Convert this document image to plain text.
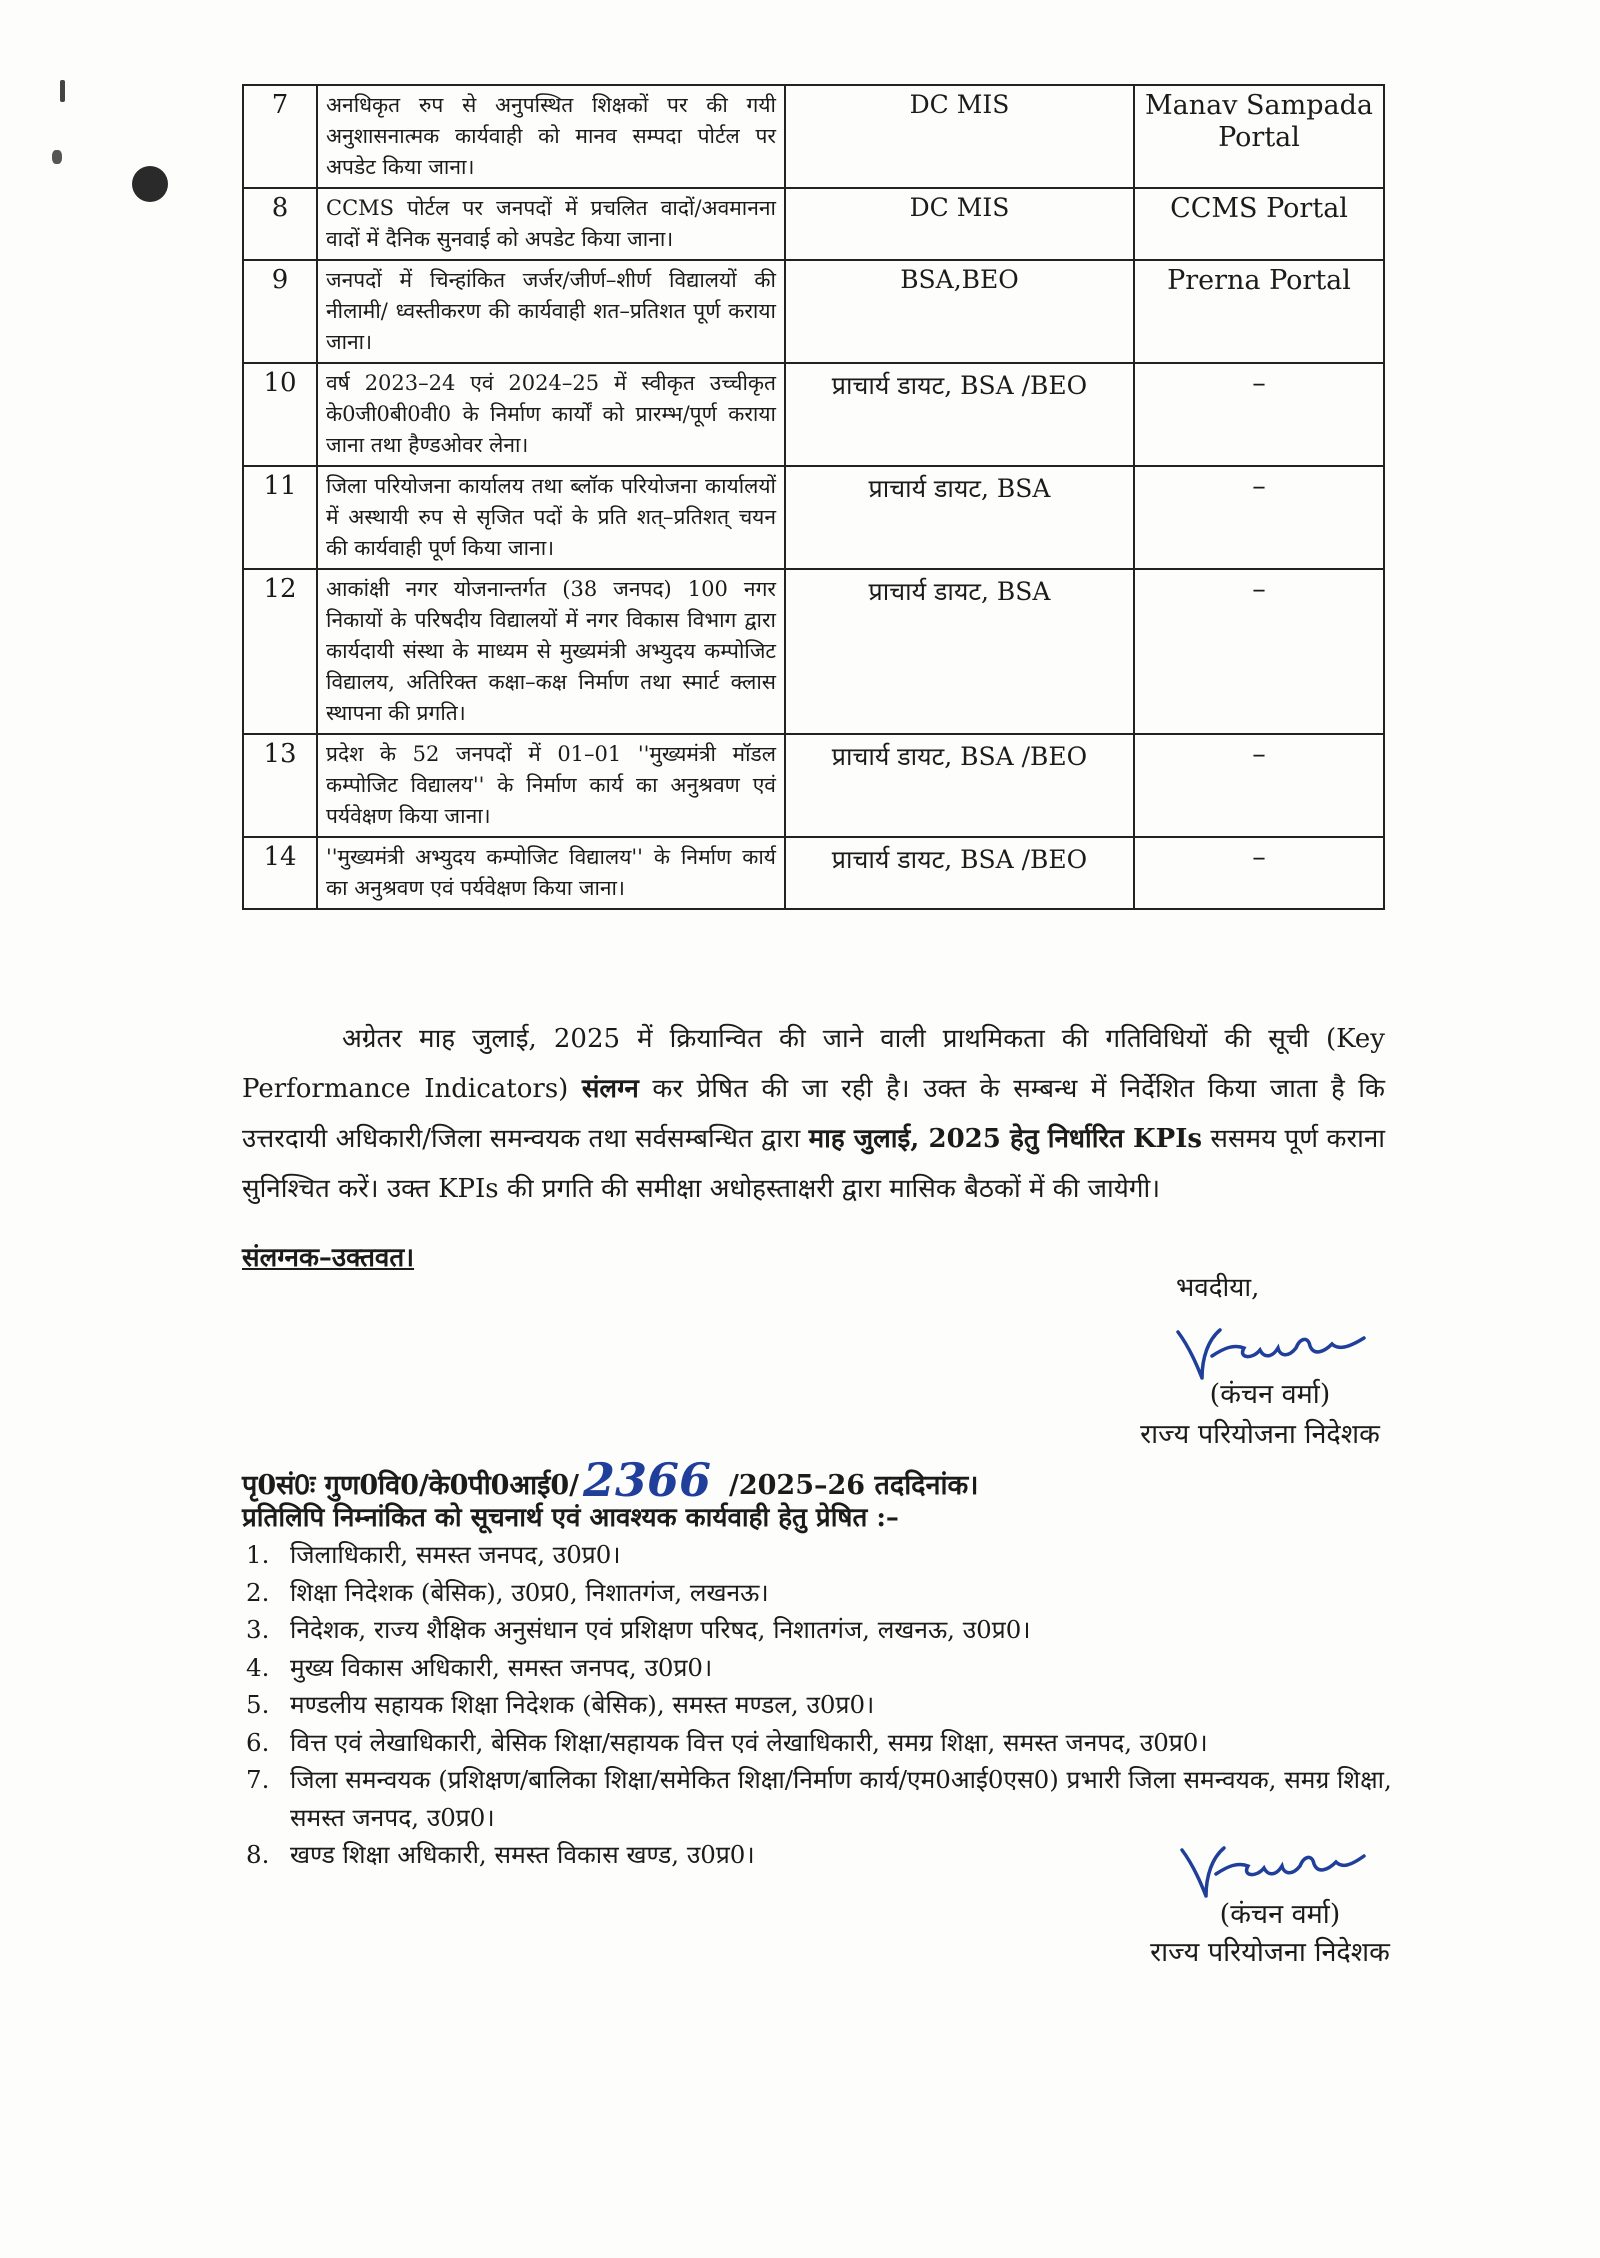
7	अनधिकृत रुप से अनुपस्थित शिक्षकों पर की गयी अनुशासनात्मक कार्यवाही को मानव सम्पदा पोर्टल पर अपडेट किया जाना।	DC MIS	Manav Sampada Portal
8	CCMS पोर्टल पर जनपदों में प्रचलित वादों/अवमानना वादों में दैनिक सुनवाई को अपडेट किया जाना।	DC MIS	CCMS Portal
9	जनपदों में चिन्हांकित जर्जर/जीर्ण–शीर्ण विद्यालयों की नीलामी/ ध्वस्तीकरण की कार्यवाही शत–प्रतिशत पूर्ण कराया जाना।	BSA,BEO	Prerna Portal
10	वर्ष 2023–24 एवं 2024–25 में स्वीकृत उच्चीकृत के0जी0बी0वी0 के निर्माण कार्यों को प्रारम्भ/पूर्ण कराया जाना तथा हैण्डओवर लेना।	प्राचार्य डायट, BSA /BEO	–
11	जिला परियोजना कार्यालय तथा ब्लॉक परियोजना कार्यालयों में अस्थायी रुप से सृजित पदों के प्रति शत्–प्रतिशत् चयन की कार्यवाही पूर्ण किया जाना।	प्राचार्य डायट, BSA	–
12	आकांक्षी नगर योजनान्तर्गत (38 जनपद) 100 नगर निकायों के परिषदीय विद्यालयों में नगर विकास विभाग द्वारा कार्यदायी संस्था के माध्यम से मुख्यमंत्री अभ्युदय कम्पोजिट विद्यालय, अतिरिक्त कक्षा–कक्ष निर्माण तथा स्मार्ट क्लास स्थापना की प्रगति।	प्राचार्य डायट, BSA	–
13	प्रदेश के 52 जनपदों में 01–01 ''मुख्यमंत्री मॉडल कम्पोजिट विद्यालय'' के निर्माण कार्य का अनुश्रवण एवं पर्यवेक्षण किया जाना।	प्राचार्य डायट, BSA /BEO	–
14	''मुख्यमंत्री अभ्युदय कम्पोजिट विद्यालय'' के निर्माण कार्य का अनुश्रवण एवं पर्यवेक्षण किया जाना।	प्राचार्य डायट, BSA /BEO	–

अग्रेतर माह जुलाई, 2025 में क्रियान्वित की जाने वाली प्राथमिकता की गतिविधियों की सूची (Key Performance Indicators) संलग्न कर प्रेषित की जा रही है। उक्त के सम्बन्ध में निर्देशित किया जाता है कि उत्तरदायी अधिकारी/जिला समन्वयक तथा सर्वसम्बन्धित द्वारा माह जुलाई, 2025 हेतु निर्धारित KPIs ससमय पूर्ण कराना सुनिश्चित करें। उक्त KPIs की प्रगति की समीक्षा अधोहस्ताक्षरी द्वारा मासिक बैठकों में की जायेगी।

संलग्नक–उक्तवत।
भवदीया,
(कंचन वर्मा)
राज्य परियोजना निदेशक
पृ0सं0ः गुण0वि0/के0पी0आई0/ 2366 /2025–26 तददिनांक।
प्रतिलिपि निम्नांकित को सूचनार्थ एवं आवश्यक कार्यवाही हेतु प्रेषित :–
1. जिलाधिकारी, समस्त जनपद, उ0प्र0।
2. शिक्षा निदेशक (बेसिक), उ0प्र0, निशातगंज, लखनऊ।
3. निदेशक, राज्य शैक्षिक अनुसंधान एवं प्रशिक्षण परिषद, निशातगंज, लखनऊ, उ0प्र0।
4. मुख्य विकास अधिकारी, समस्त जनपद, उ0प्र0।
5. मण्डलीय सहायक शिक्षा निदेशक (बेसिक), समस्त मण्डल, उ0प्र0।
6. वित्त एवं लेखाधिकारी, बेसिक शिक्षा/सहायक वित्त एवं लेखाधिकारी, समग्र शिक्षा, समस्त जनपद, उ0प्र0।
7. जिला समन्वयक (प्रशिक्षण/बालिका शिक्षा/समेकित शिक्षा/निर्माण कार्य/एम0आई0एस0) प्रभारी जिला समन्वयक, समग्र शिक्षा, समस्त जनपद, उ0प्र0।
8. खण्ड शिक्षा अधिकारी, समस्त विकास खण्ड, उ0प्र0।
(कंचन वर्मा)
राज्य परियोजना निदेशक
